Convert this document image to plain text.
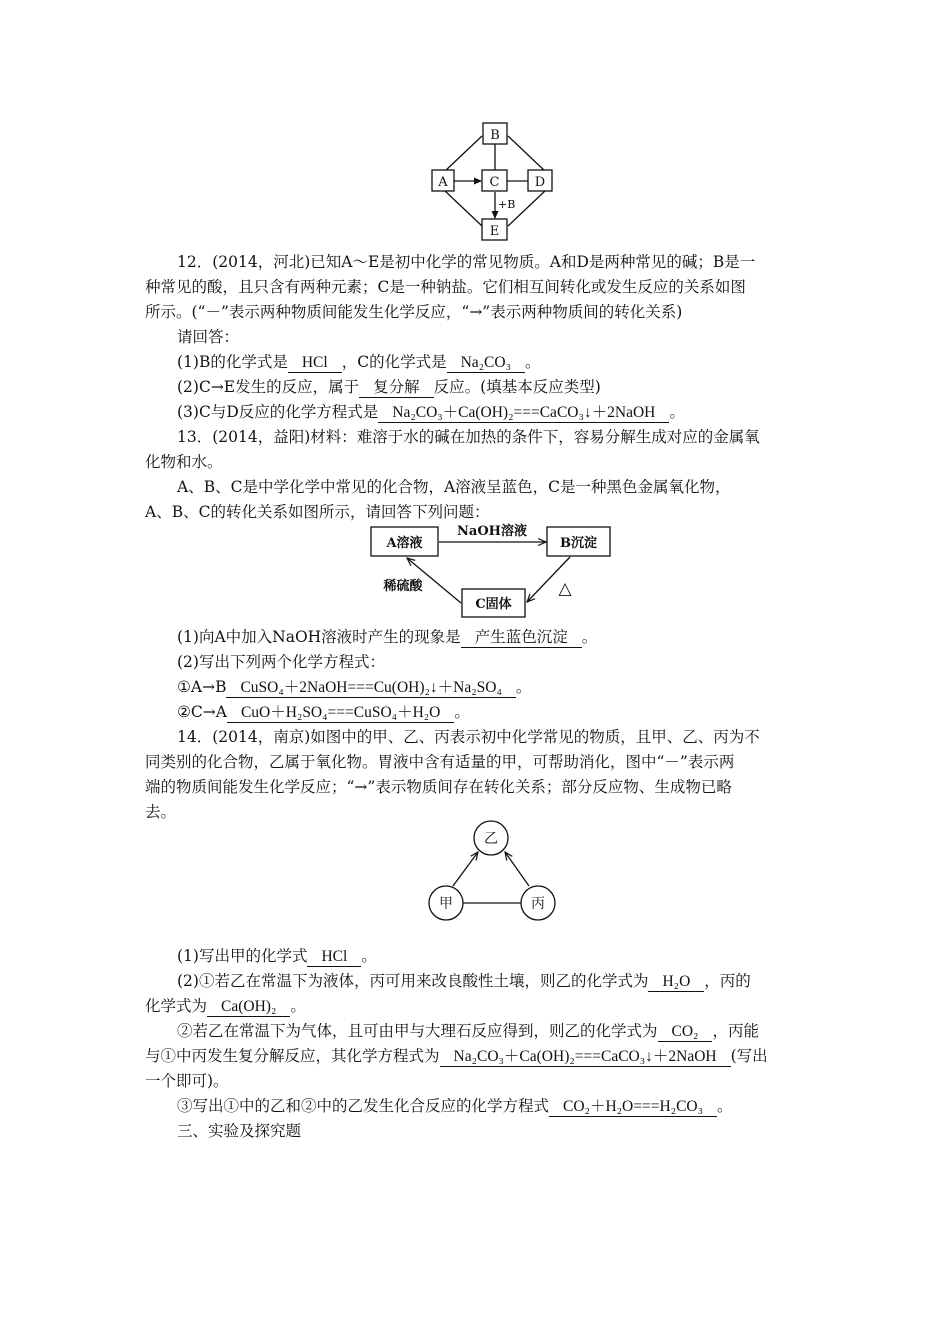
B
A	C	D
E
+B
12．(2014，河北)已知A～E是初中化学的常见物质。A和D是两种常见的碱；B是一
种常见的酸，且只含有两种元素；C是一种钠盐。它们相互间转化或发生反应的关系如图
所示。(“－”表示两种物质间能发生化学反应，“→”表示两种物质间的转化关系)
请回答：
(1)B的化学式是 HCl ，C的化学式是 Na₂CO₃ 。
(2)C→E发生的反应，属于 复分解 反应。(填基本反应类型)
(3)C与D反应的化学方程式是 Na₂CO₃＋Ca(OH)₂===CaCO₃↓＋2NaOH 。
13．(2014，益阳)材料：难溶于水的碱在加热的条件下，容易分解生成对应的金属氧
化物和水。
A、B、C是中学化学中常见的化合物，A溶液呈蓝色，C是一种黑色金属氧化物，
A、B、C的转化关系如图所示，请回答下列问题：
A溶液	B沉淀
C固体
NaOH溶液
稀硫酸	△
(1)向A中加入NaOH溶液时产生的现象是 产生蓝色沉淀 。
(2)写出下列两个化学方程式：
①A→B CuSO₄＋2NaOH===Cu(OH)₂↓＋Na₂SO₄ 。
②C→A CuO＋H₂SO₄===CuSO₄＋H₂O 。
14．(2014，南京)如图中的甲、乙、丙表示初中化学常见的物质，且甲、乙、丙为不
同类别的化合物，乙属于氧化物。胃液中含有适量的甲，可帮助消化，图中“－”表示两
端的物质间能发生化学反应；“→”表示物质间存在转化关系；部分反应物、生成物已略
去。
乙
甲	丙
(1)写出甲的化学式 HCl 。
(2)①若乙在常温下为液体，丙可用来改良酸性土壤，则乙的化学式为 H₂O ，丙的
化学式为 Ca(OH)₂ 。
②若乙在常温下为气体，且可由甲与大理石反应得到，则乙的化学式为 CO₂ ，丙能
与①中丙发生复分解反应，其化学方程式为 Na₂CO₃＋Ca(OH)₂===CaCO₃↓＋2NaOH (写出
一个即可)。
③写出①中的乙和②中的乙发生化合反应的化学方程式 CO₂＋H₂O===H₂CO₃ 。
三、实验及探究题
